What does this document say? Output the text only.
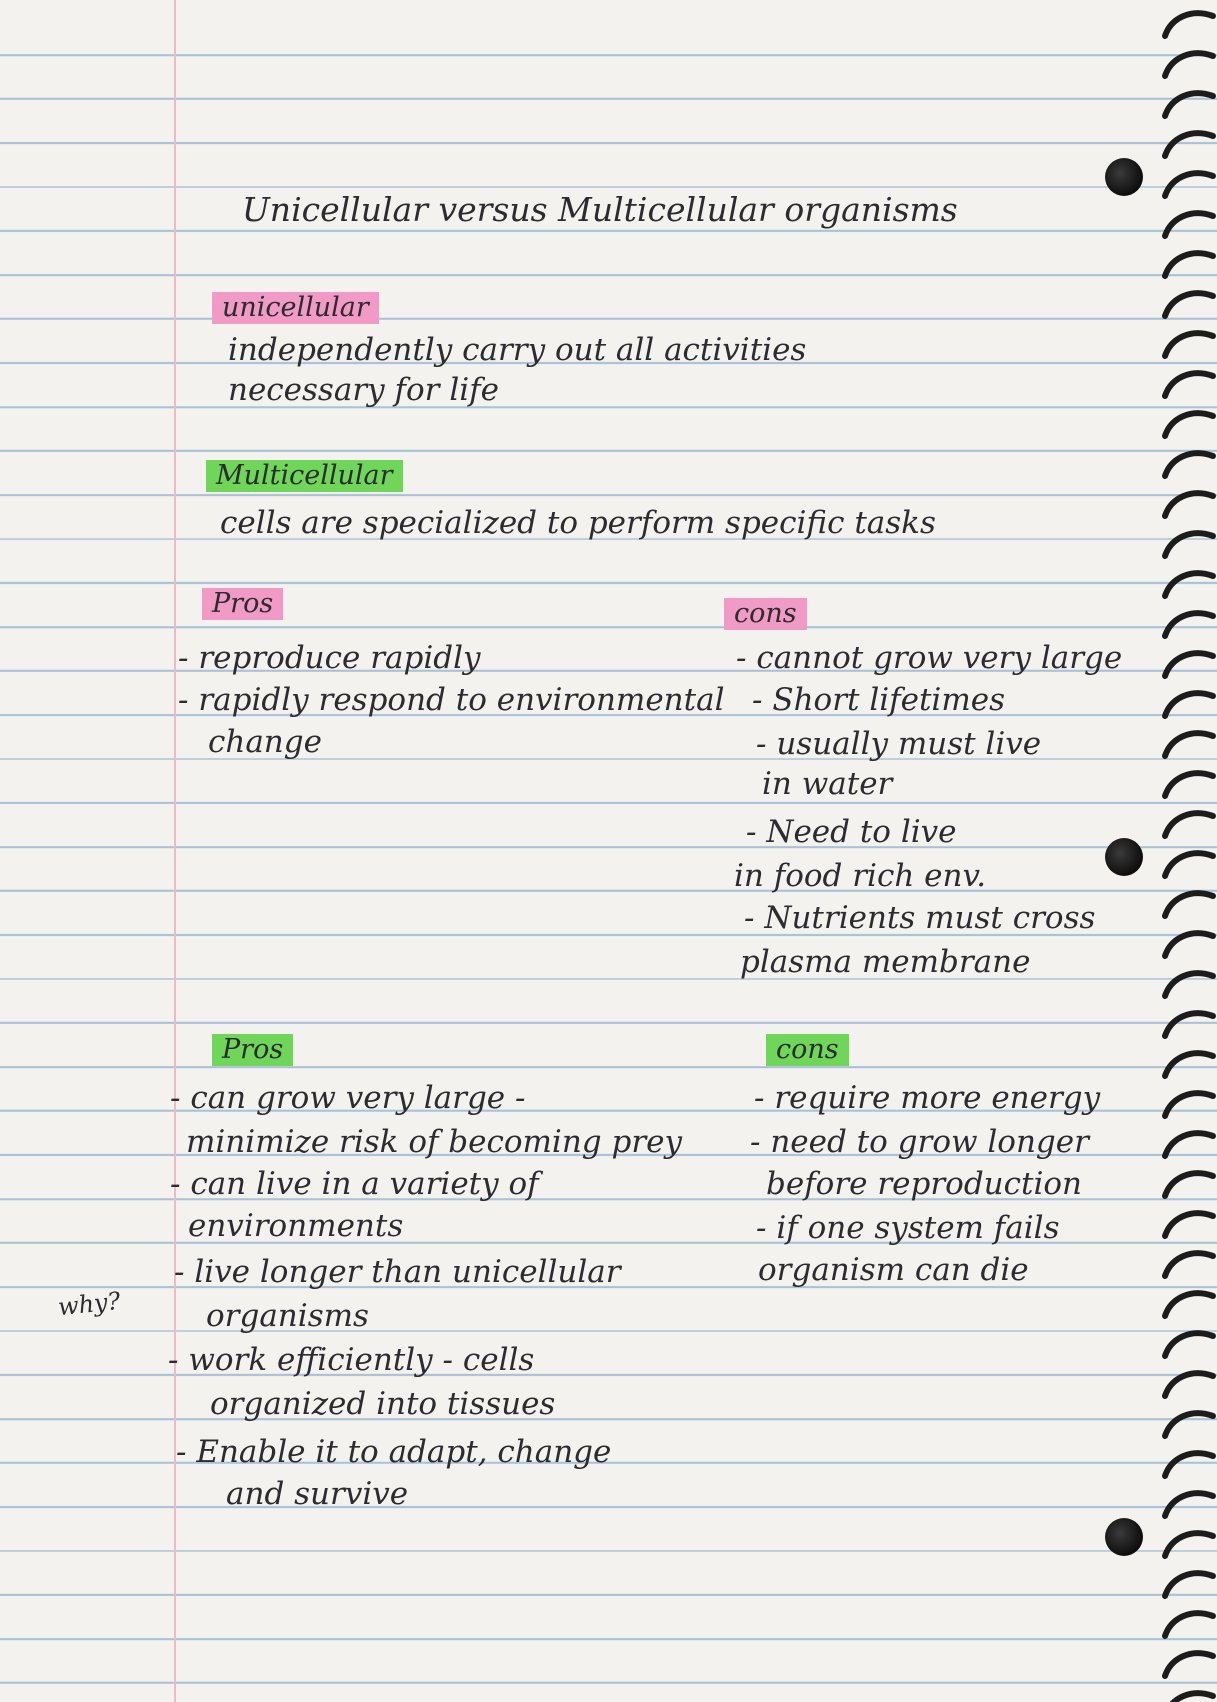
Unicellular versus Multicellular organisms
unicellular

independently carry out all activities

necessary for life

Multicellular

cells are specialized to perform specific tasks

Pros

- reproduce rapidly

- rapidly respond to environmental

change

cons

- cannot grow very large

- Short lifetimes

- usually must live

in water

- Need to live

in food rich env.

- Nutrients must cross

plasma membrane

Pros

- can grow very large -

minimize risk of becoming prey

- can live in a variety of

environments

- live longer than unicellular

organisms

- work efficiently - cells

organized into tissues

- Enable it to adapt, change

and survive

cons

- require more energy

- need to grow longer

before reproduction

- if one system fails

organism can die

why?
